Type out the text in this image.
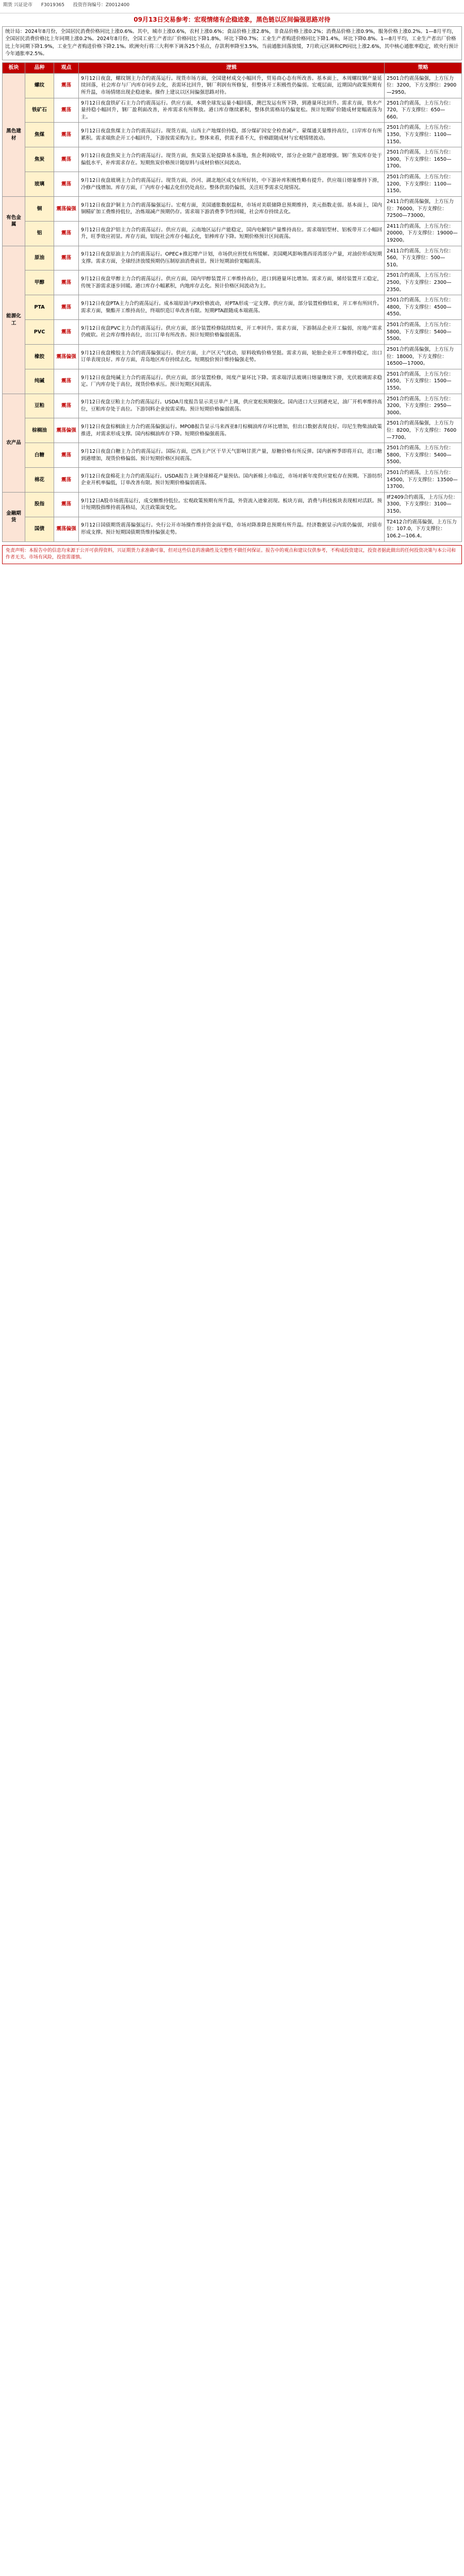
期货 兴证论市 F3019365 投资咨询编号：Z0012400
09月13日交易参考：宏观情绪有企稳迹象，黑色链以区间偏强思路对待
统计局：2024年8月份，全国居民消费价格同比上涨0.6%。其中，城市上涨0.6%，农村上涨0.6%；食品价格上涨2.8%，非食品价格上涨0.2%；消费品价格上涨0.9%，服务价格上涨0.2%。1—8月平均，全国居民消费价格比上年同期上涨0.2%。2024年8月份，全国工业生产者出厂价格同比下降1.8%，环比下降0.7%；工业生产者购进价格同比下降1.4%，环比下降0.8%。1—8月平均，工业生产者出厂价格比上年同期下降1.9%，工业生产者购进价格下降2.1%。欧洲央行将三大利率下调各25个基点，存款利率降至3.5%，当前通胀回落放缓，7月欧元区调和CPI同比上涨2.6%，其中核心通胀率稳定，欧央行预计今年通胀率2.5%。
板块	品种	观点	逻辑	策略
黑色建材	螺纹	震荡	9月12日夜盘，螺纹钢主力合约震荡运行。现货市场方面，全国建材成交小幅回升，贸易商心态有所改善。基本面上，本周螺纹钢产量延续回落，社会库存与厂内库存同步去化，表需环比回升，钢厂利润有所修复，但整体开工积极性仍偏弱。宏观层面，近期国内政策预期有所升温，市场情绪出现企稳迹象。操作上建议以区间偏强思路对待。	2501合约震荡偏强，上方压力位：3200，下方支撑位：2900—2950。
	铁矿石	震荡	9月12日夜盘铁矿石主力合约震荡运行。供应方面，本期全球发运量小幅回落，澳巴发运有所下降，到港量环比回升。需求方面，铁水产量持稳小幅回升，钢厂盈利面改善，补库需求有所释放。港口库存继续累积，整体供需格局仍偏宽松。预计短期矿价随成材宽幅震荡为主。	2501合约震荡，上方压力位：720，下方支撑位：650—660。
	焦煤	震荡	9月12日夜盘焦煤主力合约震荡运行。现货方面，山西主产地煤价持稳，部分煤矿因安全检查减产。蒙煤通关量维持高位，口岸库存有所累积。需求端焦企开工小幅回升，下游按需采购为主。整体来看，供需矛盾不大，价格跟随成材与宏观情绪波动。	2501合约震荡，上方压力位：1350，下方支撑位：1100—1150。
	焦炭	震荡	9月12日夜盘焦炭主力合约震荡运行。现货方面，焦炭第五轮提降基本落地，焦企利润收窄，部分企业限产意愿增强。钢厂焦炭库存处于偏低水平，补库需求存在。短期焦炭价格预计随原料与成材价格区间波动。	2501合约震荡，上方压力位：1900，下方支撑位：1650—1700。
	玻璃	震荡	9月12日夜盘玻璃主力合约震荡运行。现货方面，沙河、湖北地区成交有所好转，中下游补库积极性略有提升。供应端日熔量维持下滑，冷修产线增加。库存方面，厂内库存小幅去化但仍处高位。整体供需仍偏弱，关注旺季需求兑现情况。	2501合约震荡，上方压力位：1200，下方支撑位：1100—1150。
有色金属	铜	震荡偏强	9月12日夜盘沪铜主力合约震荡偏强运行。宏观方面，美国通胀数据温和，市场对美联储降息预期维持，美元指数走弱。基本面上，国内铜精矿加工费维持低位，冶炼端减产预期仍存。需求端下游消费季节性回暖，社会库存持续去化。	2411合约震荡偏强，上方压力位：76000，下方支撑位：72500—73000。
	铝	震荡	9月12日夜盘沪铝主力合约震荡运行。供应方面，云南地区运行产能稳定，国内电解铝产量维持高位。需求端铝型材、铝板带开工小幅回升，旺季效应初显。库存方面，铝锭社会库存小幅去化，铝棒库存下降。短期价格预计区间震荡。	2411合约震荡，上方压力位：20000，下方支撑位：19000—19200。
能源化工	原油	震荡	9月12日夜盘原油主力合约震荡运行。OPEC+推迟增产计划，市场供应担忧有所缓解。美国飓风影响墨西哥湾部分产量，对油价形成短期支撑。需求方面，全球经济放缓预期仍压制原油消费前景。预计短期油价宽幅震荡。	2411合约震荡，上方压力位：560，下方支撑位：500—510。
	甲醇	震荡	9月12日夜盘甲醇主力合约震荡运行。供应方面，国内甲醇装置开工率维持高位，进口到港量环比增加。需求方面，烯烃装置开工稳定，传统下游需求逐步回暖。港口库存小幅累积，内地库存去化。预计价格区间波动为主。	2501合约震荡，上方压力位：2500，下方支撑位：2300—2350。
	PTA	震荡	9月12日夜盘PTA主力合约震荡运行。成本端原油与PX价格波动，对PTA形成一定支撑。供应方面，部分装置检修结束，开工率有所回升。需求方面，聚酯开工维持高位，终端织造订单改善有限。短期PTA跟随成本端震荡。	2501合约震荡，上方压力位：4800，下方支撑位：4500—4550。
	PVC	震荡	9月12日夜盘PVC主力合约震荡运行。供应方面，部分装置检修陆续结束，开工率回升。需求方面，下游制品企业开工偏弱，房地产需求仍疲软。社会库存维持高位，出口订单有所改善。预计短期价格偏弱震荡。	2501合约震荡，上方压力位：5800，下方支撑位：5400—5500。
	橡胶	震荡偏强	9月12日夜盘橡胶主力合约震荡偏强运行。供应方面，主产区天气扰动，原料收购价格坚挺。需求方面，轮胎企业开工率维持稳定，出口订单表现良好。库存方面，青岛地区库存持续去化。短期胶价预计维持偏强走势。	2501合约震荡偏强，上方压力位：18000，下方支撑位：16500—17000。
	纯碱	震荡	9月12日夜盘纯碱主力合约震荡运行。供应方面，部分装置检修，周度产量环比下降。需求端浮法玻璃日熔量继续下滑，光伏玻璃需求稳定。厂内库存处于高位，现货价格承压。预计短期区间震荡。	2501合约震荡，上方压力位：1650，下方支撑位：1500—1550。
农产品	豆粕	震荡	9月12日夜盘豆粕主力合约震荡运行。USDA月度报告显示美豆单产上调，供应宽松预期强化。国内进口大豆到港充足，油厂开机率维持高位，豆粕库存处于高位。下游饲料企业按需采购。预计短期价格偏弱震荡。	2501合约震荡，上方压力位：3200，下方支撑位：2950—3000。
	棕榈油	震荡偏强	9月12日夜盘棕榈油主力合约震荡偏强运行。MPOB报告显示马来西亚8月棕榈油库存环比增加，但出口数据表现良好。印尼生物柴油政策推进，对需求形成支撑。国内棕榈油库存下降。短期价格偏强震荡。	2501合约震荡偏强，上方压力位：8200，下方支撑位：7600—7700。
	白糖	震荡	9月12日夜盘白糖主力合约震荡运行。国际方面，巴西主产区干旱天气影响甘蔗产量，原糖价格有所反弹。国内新榨季即将开启，进口糖到港增加，现货价格偏弱。预计短期价格区间震荡。	2501合约震荡，上方压力位：5800，下方支撑位：5400—5500。
	棉花	震荡	9月12日夜盘棉花主力合约震荡运行。USDA报告上调全球棉花产量预估。国内新棉上市临近，市场对新年度供应宽松存在预期。下游纺织企业开机率偏低，订单改善有限。预计短期价格偏弱震荡。	2501合约震荡，上方压力位：14500，下方支撑位：13500—13700。
金融期货	股指	震荡	9月12日A股市场震荡运行，成交额维持低位。宏观政策预期有所升温，外资流入迹象初现。板块方面，消费与科技板块表现相对活跃。预计短期股指维持震荡格局，关注政策面变化。	IF2409合约震荡，上方压力位：3300，下方支撑位：3100—3150。
	国债	震荡偏强	9月12日国债期货震荡偏强运行。央行公开市场操作维持资金面平稳，市场对降准降息预期有所升温。经济数据显示内需仍偏弱，对债市形成支撑。预计短期国债期货维持偏强走势。	T2412合约震荡偏强，上方压力位：107.0，下方支撑位：106.2—106.4。
免责声明：本报告中的信息均来源于公开可获得资料，兴证期货力求准确可靠，但对这些信息的准确性及完整性不做任何保证。报告中的观点和建议仅供参考，不构成投资建议，投资者据此做出的任何投资决策与本公司和作者无关。市场有风险，投资需谨慎。
